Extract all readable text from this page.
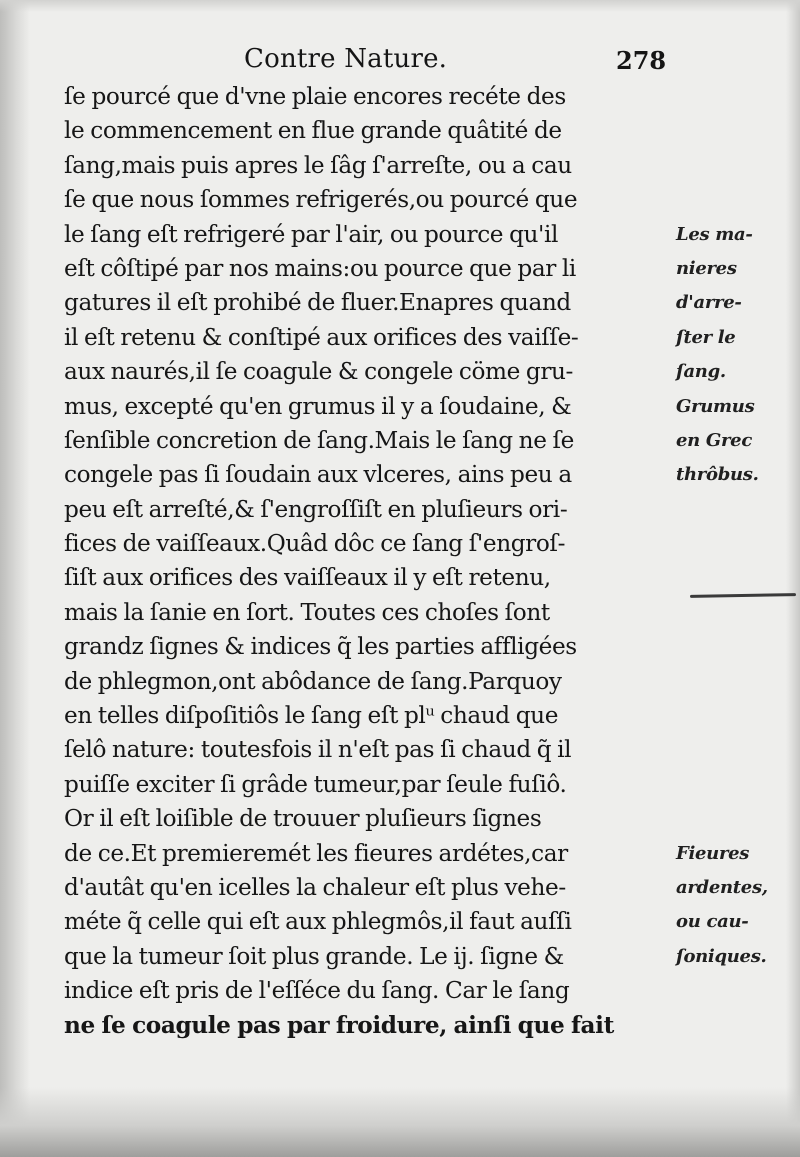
Contre Nature.	278
ſe pourcé que d'vne plaie encores recéte des
le commencement en flue grande quâtité de
ſang,mais puis apres le ſâg ſ'arreſte, ou a cau
ſe que nous ſommes refrigerés,ou pourcé que
le ſang eſt refrigeré par l'air, ou pource qu'il
eſt côſtipé par nos mains:ou pource que par li
gatures il eſt prohibé de fluer.Enapres quand
il eſt retenu & conſtipé aux orifices des vaiſſe-
aux naurés,il ſe coagule & congele cöme gru-
mus, excepté qu'en grumus il y a ſoudaine, &
ſenſible concretion de ſang.Mais le ſang ne ſe
congele pas ſi ſoudain aux vlceres, ains peu a
peu eſt arreſté,& ſ'engroſſiſt en pluſieurs ori-
fices de vaiſſeaux.Quâd dôc ce ſang ſ'engroſ-
ſiſt aux orifices des vaiſſeaux il y eſt retenu,
mais la ſanie en ſort. Toutes ces choſes ſont
grandz ſignes & indices q̃ les parties affligées
de phlegmon,ont abôdance de ſang.Parquoy
en telles diſpoſitiôs le ſang eſt plᵘ chaud que
ſelô nature: toutesfois il n'eſt pas ſi chaud q̃ il
puiſſe exciter ſi grâde tumeur,par ſeule fuſiô.
Or il eſt loiſible de trouuer pluſieurs ſignes
de ce.Et premieremét les fieures ardétes,car
d'autât qu'en icelles la chaleur eſt plus vehe-
méte q̃ celle qui eſt aux phlegmôs,il faut auſſi
que la tumeur ſoit plus grande. Le ij. ſigne &
indice eſt pris de l'eſſéce du ſang. Car le ſang
ne ſe coagule pas par froidure, ainſi que fait
Les ma-
nieres
d'arre-
ſter le
ſang.
Grumus
en Grec
thrôbus.
Fieures
ardentes,
ou cau-
ſoniques.
